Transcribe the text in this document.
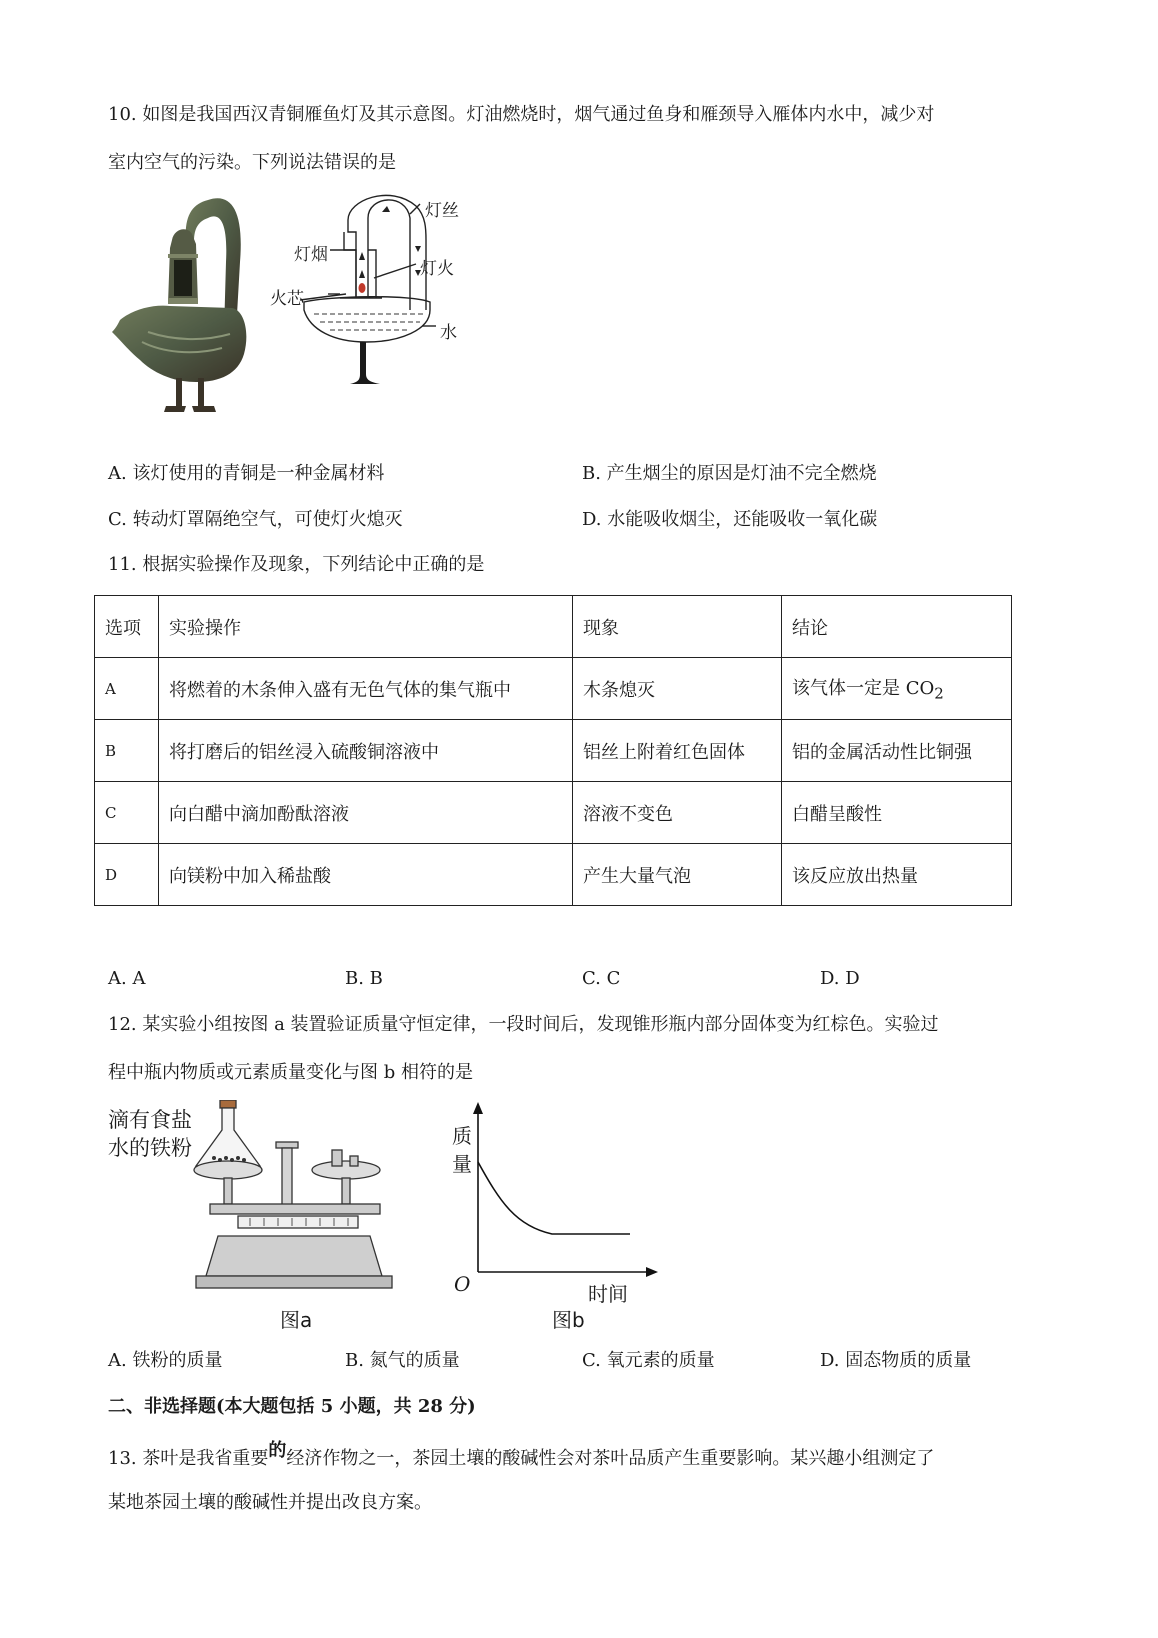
10. 如图是我国西汉青铜雁鱼灯及其示意图。灯油燃烧时，烟气通过鱼身和雁颈导入雁体内水中，减少对
室内空气的污染。下列说法错误的是
灯丝
灯烟
灯火
火芯
水
A. 该灯使用的青铜是一种金属材料	B. 产生烟尘的原因是灯油不完全燃烧
C. 转动灯罩隔绝空气，可使灯火熄灭	D. 水能吸收烟尘，还能吸收一氧化碳
11. 根据实验操作及现象，下列结论中正确的是
选项	实验操作	现象	结论
A	将燃着的木条伸入盛有无色气体的集气瓶中	木条熄灭	该气体一定是 $CO_2$
B	将打磨后的铝丝浸入硫酸铜溶液中	铝丝上附着红色固体	铝的金属活动性比铜强
C	向白醋中滴加酚酞溶液	溶液不变色	白醋呈酸性
D	向镁粉中加入稀盐酸	产生大量气泡	该反应放出热量
A. A	B. B	C. C	D. D
12. 某实验小组按图 a 装置验证质量守恒定律，一段时间后，发现锥形瓶内部分固体变为红棕色。实验过
程中瓶内物质或元素质量变化与图 b 相符的是
滴有食盐
水的铁粉
图a
质
量
O	时间
图b
A. 铁粉的质量	B. 氮气的质量	C. 氧元素的质量	D. 固态物质的质量
二、非选择题(本大题包括 5 小题，共 28 分)
13. 茶叶是我省重要的经济作物之一，茶园土壤的酸碱性会对茶叶品质产生重要影响。某兴趣小组测定了
某地茶园土壤的酸碱性并提出改良方案。
